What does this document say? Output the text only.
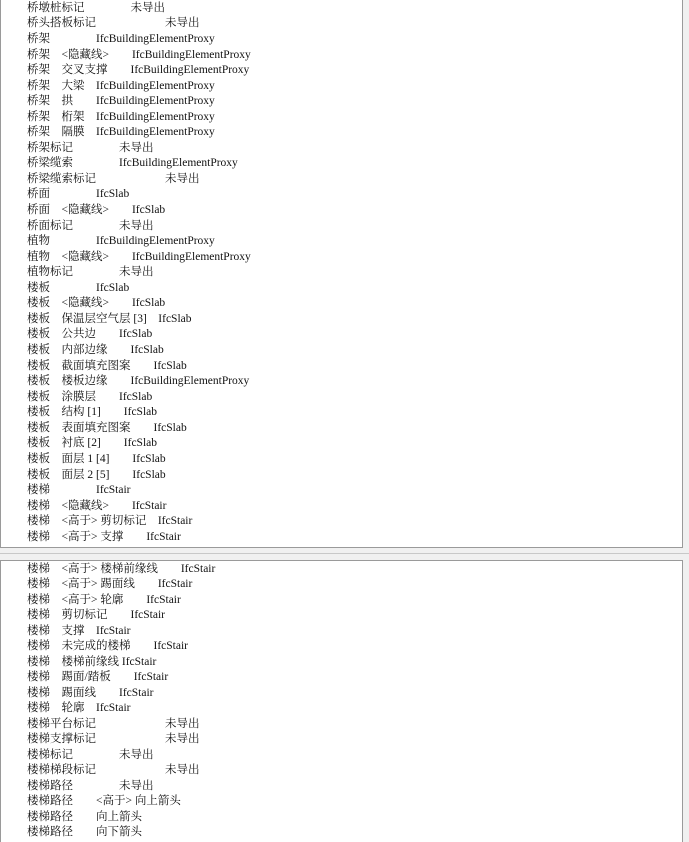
桥墩桩标记　　　　未导出

桥头搭板标记　　　　　　未导出

桥架　　　　IfcBuildingElementProxy

桥架　<隐藏线>　　IfcBuildingElementProxy

桥架　交叉支撑　　IfcBuildingElementProxy

桥架　大梁　IfcBuildingElementProxy

桥架　拱　　IfcBuildingElementProxy

桥架　桁架　IfcBuildingElementProxy

桥架　隔膜　IfcBuildingElementProxy

桥架标记　　　　未导出

桥梁缆索　　　　IfcBuildingElementProxy

桥梁缆索标记　　　　　　未导出

桥面　　　　IfcSlab

桥面　<隐藏线>　　IfcSlab

桥面标记　　　　未导出

植物　　　　IfcBuildingElementProxy

植物　<隐藏线>　　IfcBuildingElementProxy

植物标记　　　　未导出

楼板　　　　IfcSlab

楼板　<隐藏线>　　IfcSlab

楼板　保温层空气层 [3]　IfcSlab

楼板　公共边　　IfcSlab

楼板　内部边缘　　IfcSlab

楼板　截面填充图案　　IfcSlab

楼板　楼板边缘　　IfcBuildingElementProxy

楼板　涂膜层　　IfcSlab

楼板　结构 [1]　　IfcSlab

楼板　表面填充图案　　IfcSlab

楼板　衬底 [2]　　IfcSlab

楼板　面层 1 [4]　　IfcSlab

楼板　面层 2 [5]　　IfcSlab

楼梯　　　　IfcStair

楼梯　<隐藏线>　　IfcStair

楼梯　<高于> 剪切标记　IfcStair

楼梯　<高于> 支撑　　IfcStair

楼梯　<高于> 楼梯前缘线　　IfcStair

楼梯　<高于> 踢面线　　IfcStair

楼梯　<高于> 轮廓　　IfcStair

楼梯　剪切标记　　IfcStair

楼梯　支撑　IfcStair

楼梯　未完成的楼梯　　IfcStair

楼梯　楼梯前缘线 IfcStair

楼梯　踢面/踏板　　IfcStair

楼梯　踢面线　　IfcStair

楼梯　轮廓　IfcStair

楼梯平台标记　　　　　　未导出

楼梯支撑标记　　　　　　未导出

楼梯标记　　　　未导出

楼梯梯段标记　　　　　　未导出

楼梯路径　　　　未导出

楼梯路径　　<高于> 向上箭头

楼梯路径　　向上箭头

楼梯路径　　向下箭头
